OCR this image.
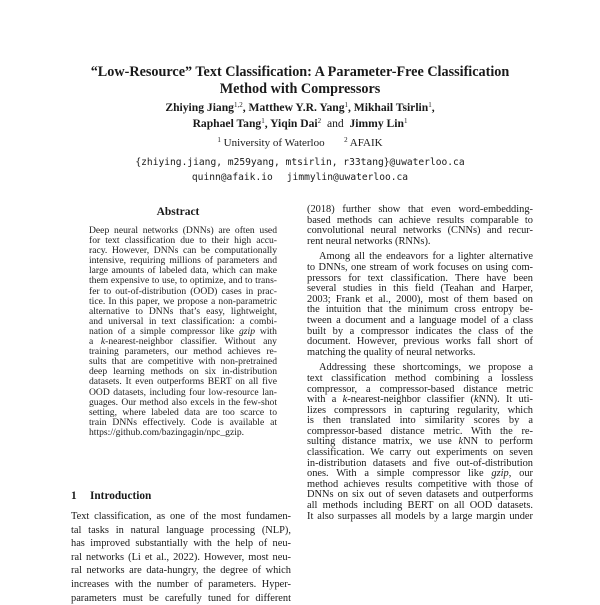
“Low-Resource” Text Classification: A Parameter-Free Classification
Method with Compressors
Zhiying Jiang$^{1,2}$, Matthew Y.R. Yang$^1$, Mikhail Tsirlin$^1$,
Raphael Tang$^1$, Yiqin Dai$^2$ and Jimmy Lin$^1$
$^1$ University of Waterloo	$^2$ AFAIK
{zhiying.jiang, m259yang, mtsirlin, r33tang}@uwaterloo.ca
quinn@afaik.io jimmylin@uwaterloo.ca
Abstract
Deep neural networks (DNNs) are often used
for text classification due to their high accu-
racy. However, DNNs can be computationally
intensive, requiring millions of parameters and
large amounts of labeled data, which can make
them expensive to use, to optimize, and to trans-
fer to out-of-distribution (OOD) cases in prac-
tice. In this paper, we propose a non-parametric
alternative to DNNs that’s easy, lightweight,
and universal in text classification: a combi-
nation of a simple compressor like gzip with
a k-nearest-neighbor classifier. Without any
training parameters, our method achieves re-
sults that are competitive with non-pretrained
deep learning methods on six in-distribution
datasets. It even outperforms BERT on all five
OOD datasets, including four low-resource lan-
guages. Our method also excels in the few-shot
setting, where labeled data are too scarce to
train DNNs effectively. Code is available at
https://github.com/bazingagin/npc_gzip.
1 Introduction
Text classification, as one of the most fundamen-
tal tasks in natural language processing (NLP),
has improved substantially with the help of neu-
ral networks (Li et al., 2022). However, most neu-
ral networks are data-hungry, the degree of which
increases with the number of parameters. Hyper-
parameters must be carefully tuned for different
(2018) further show that even word-embedding-
based methods can achieve results comparable to
convolutional neural networks (CNNs) and recur-
rent neural networks (RNNs).
Among all the endeavors for a lighter alternative
to DNNs, one stream of work focuses on using com-
pressors for text classification. There have been
several studies in this field (Teahan and Harper,
2003; Frank et al., 2000), most of them based on
the intuition that the minimum cross entropy be-
tween a document and a language model of a class
built by a compressor indicates the class of the
document. However, previous works fall short of
matching the quality of neural networks.
Addressing these shortcomings, we propose a
text classification method combining a lossless
compressor, a compressor-based distance metric
with a k-nearest-neighbor classifier (kNN). It uti-
lizes compressors in capturing regularity, which
is then translated into similarity scores by a
compressor-based distance metric. With the re-
sulting distance matrix, we use kNN to perform
classification. We carry out experiments on seven
in-distribution datasets and five out-of-distribution
ones. With a simple compressor like gzip, our
method achieves results competitive with those of
DNNs on six out of seven datasets and outperforms
all methods including BERT on all OOD datasets.
It also surpasses all models by a large margin under
